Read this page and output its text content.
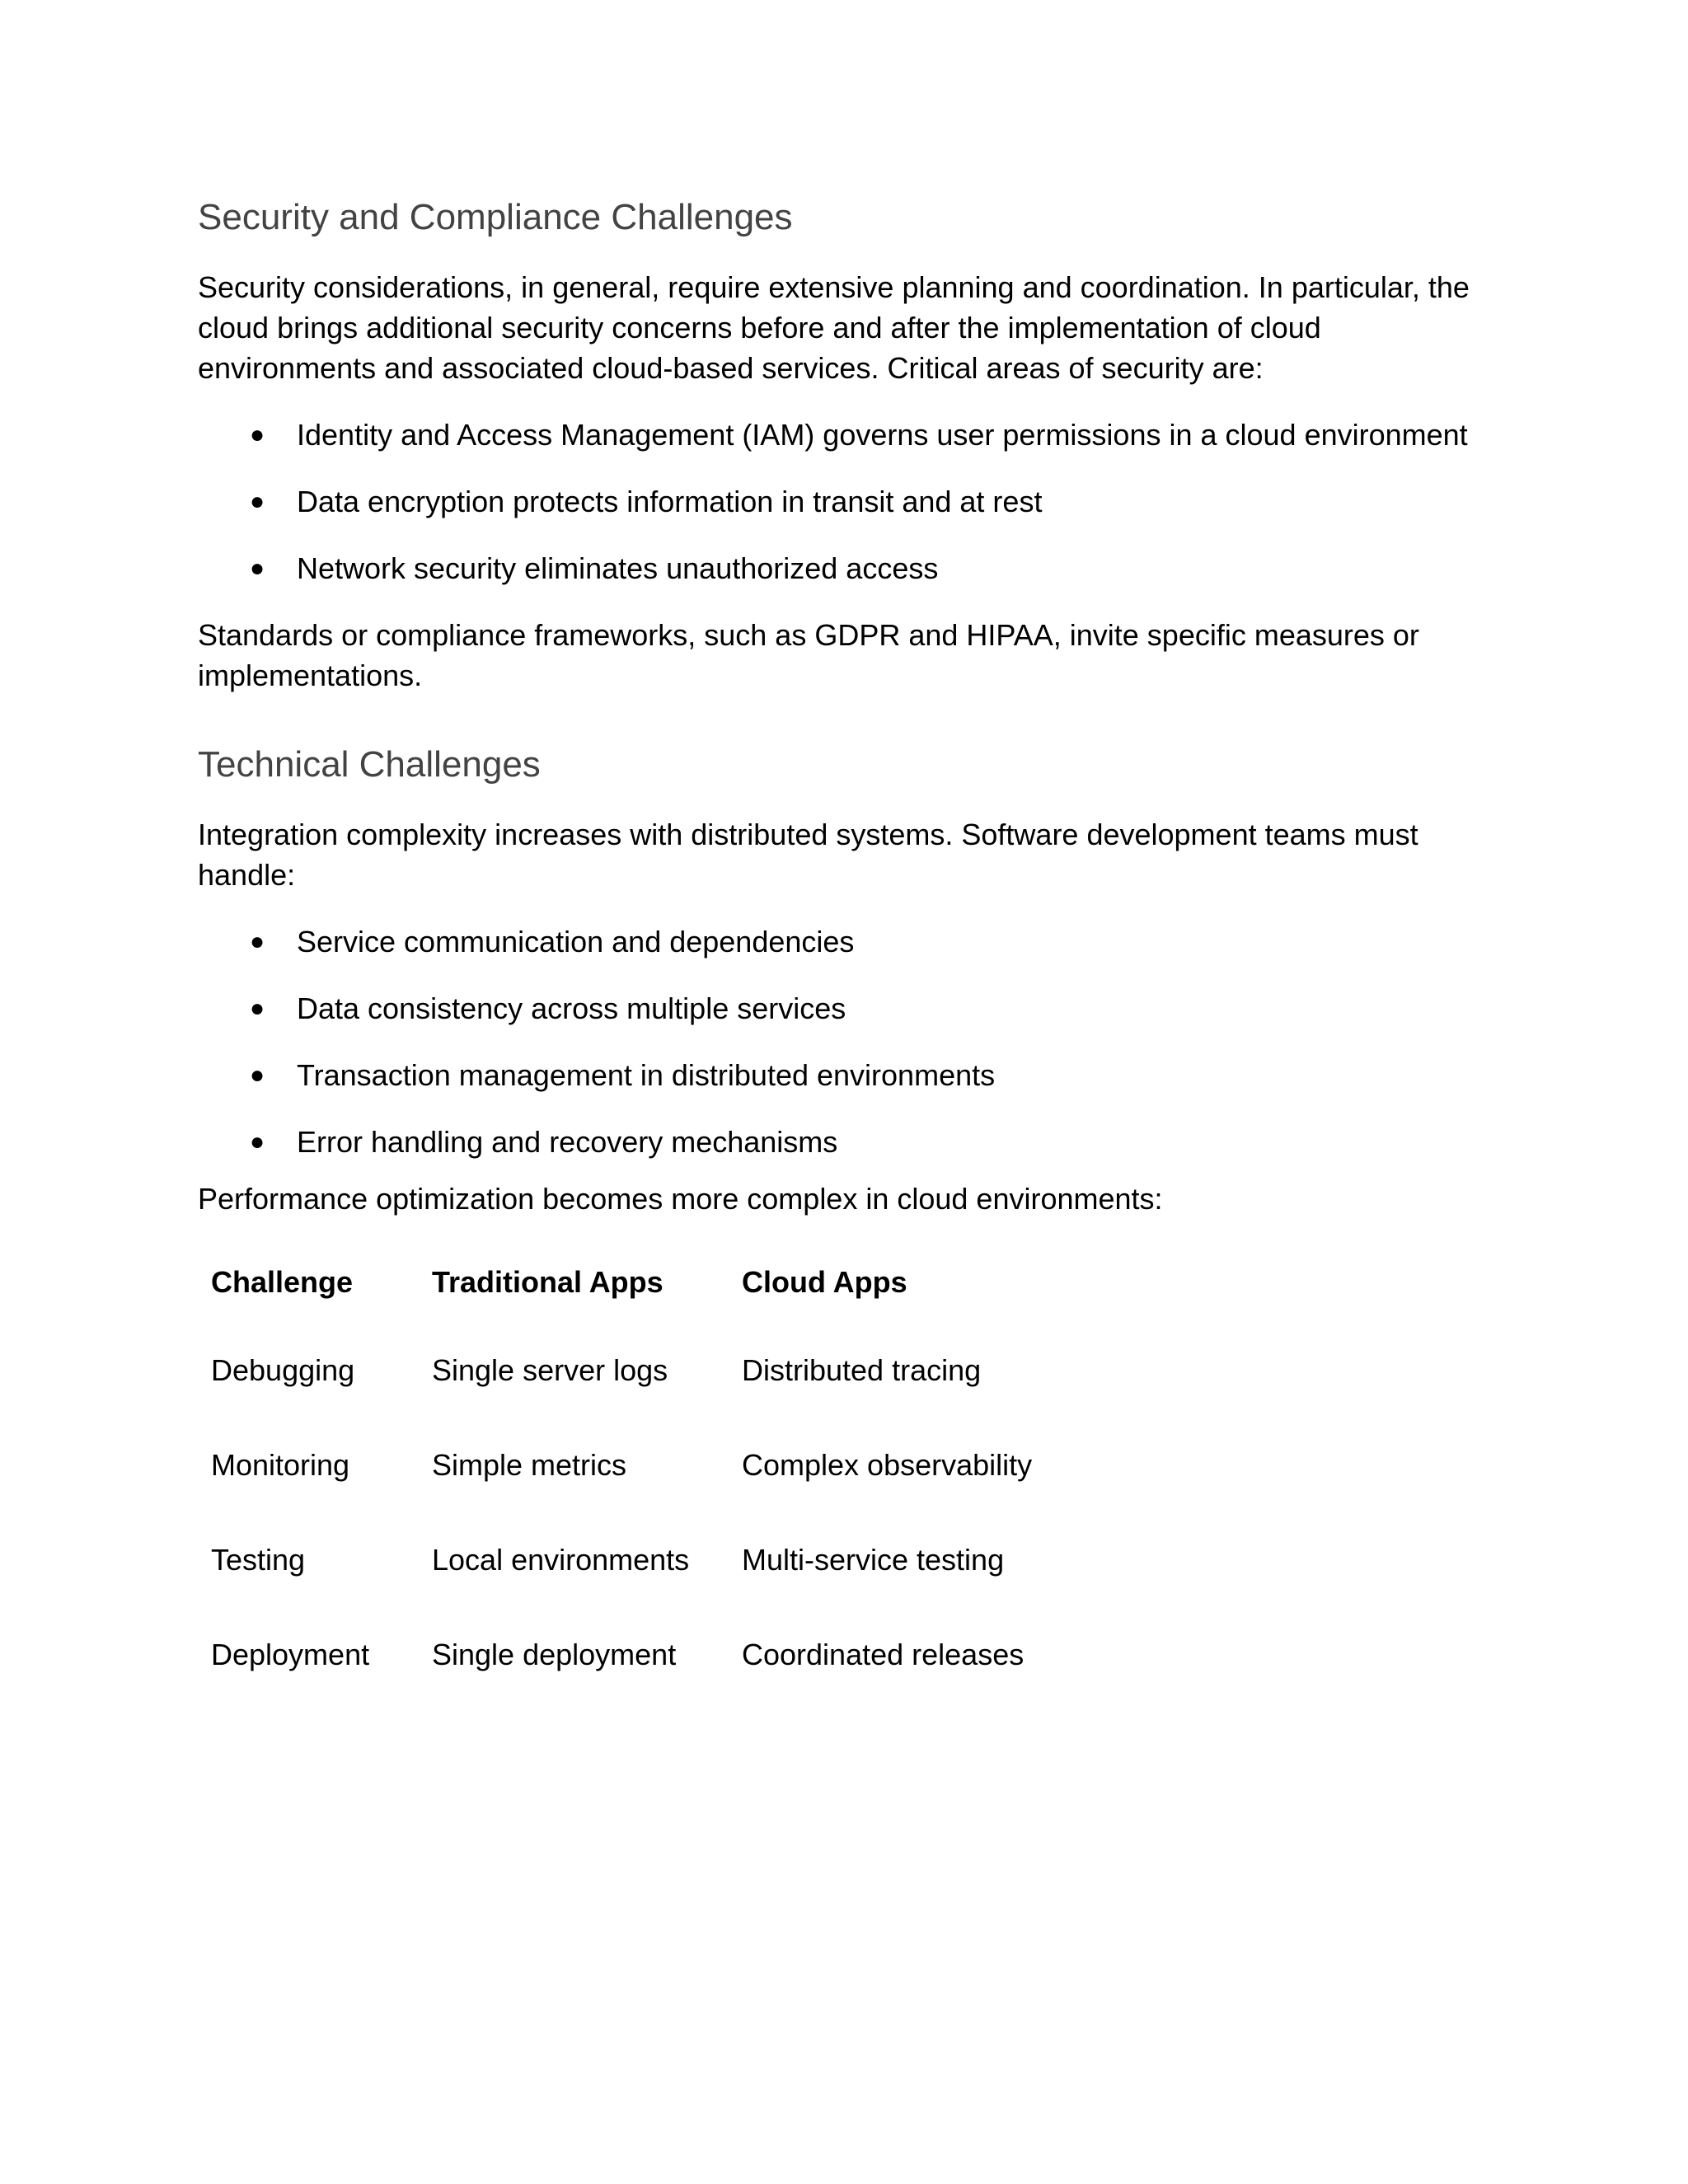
Security and Compliance Challenges

Security considerations, in general, require extensive planning and coordination. In particular, the cloud brings additional security concerns before and after the implementation of cloud environments and associated cloud-based services. Critical areas of security are:

● Identity and Access Management (IAM) governs user permissions in a cloud environment
● Data encryption protects information in transit and at rest
● Network security eliminates unauthorized access

Standards or compliance frameworks, such as GDPR and HIPAA, invite specific measures or implementations.

Technical Challenges

Integration complexity increases with distributed systems. Software development teams must handle:

● Service communication and dependencies
● Data consistency across multiple services
● Transaction management in distributed environments
● Error handling and recovery mechanisms

Performance optimization becomes more complex in cloud environments:

Challenge	Traditional Apps	Cloud Apps
Debugging	Single server logs	Distributed tracing
Monitoring	Simple metrics	Complex observability
Testing	Local environments	Multi-service testing
Deployment	Single deployment	Coordinated releases
